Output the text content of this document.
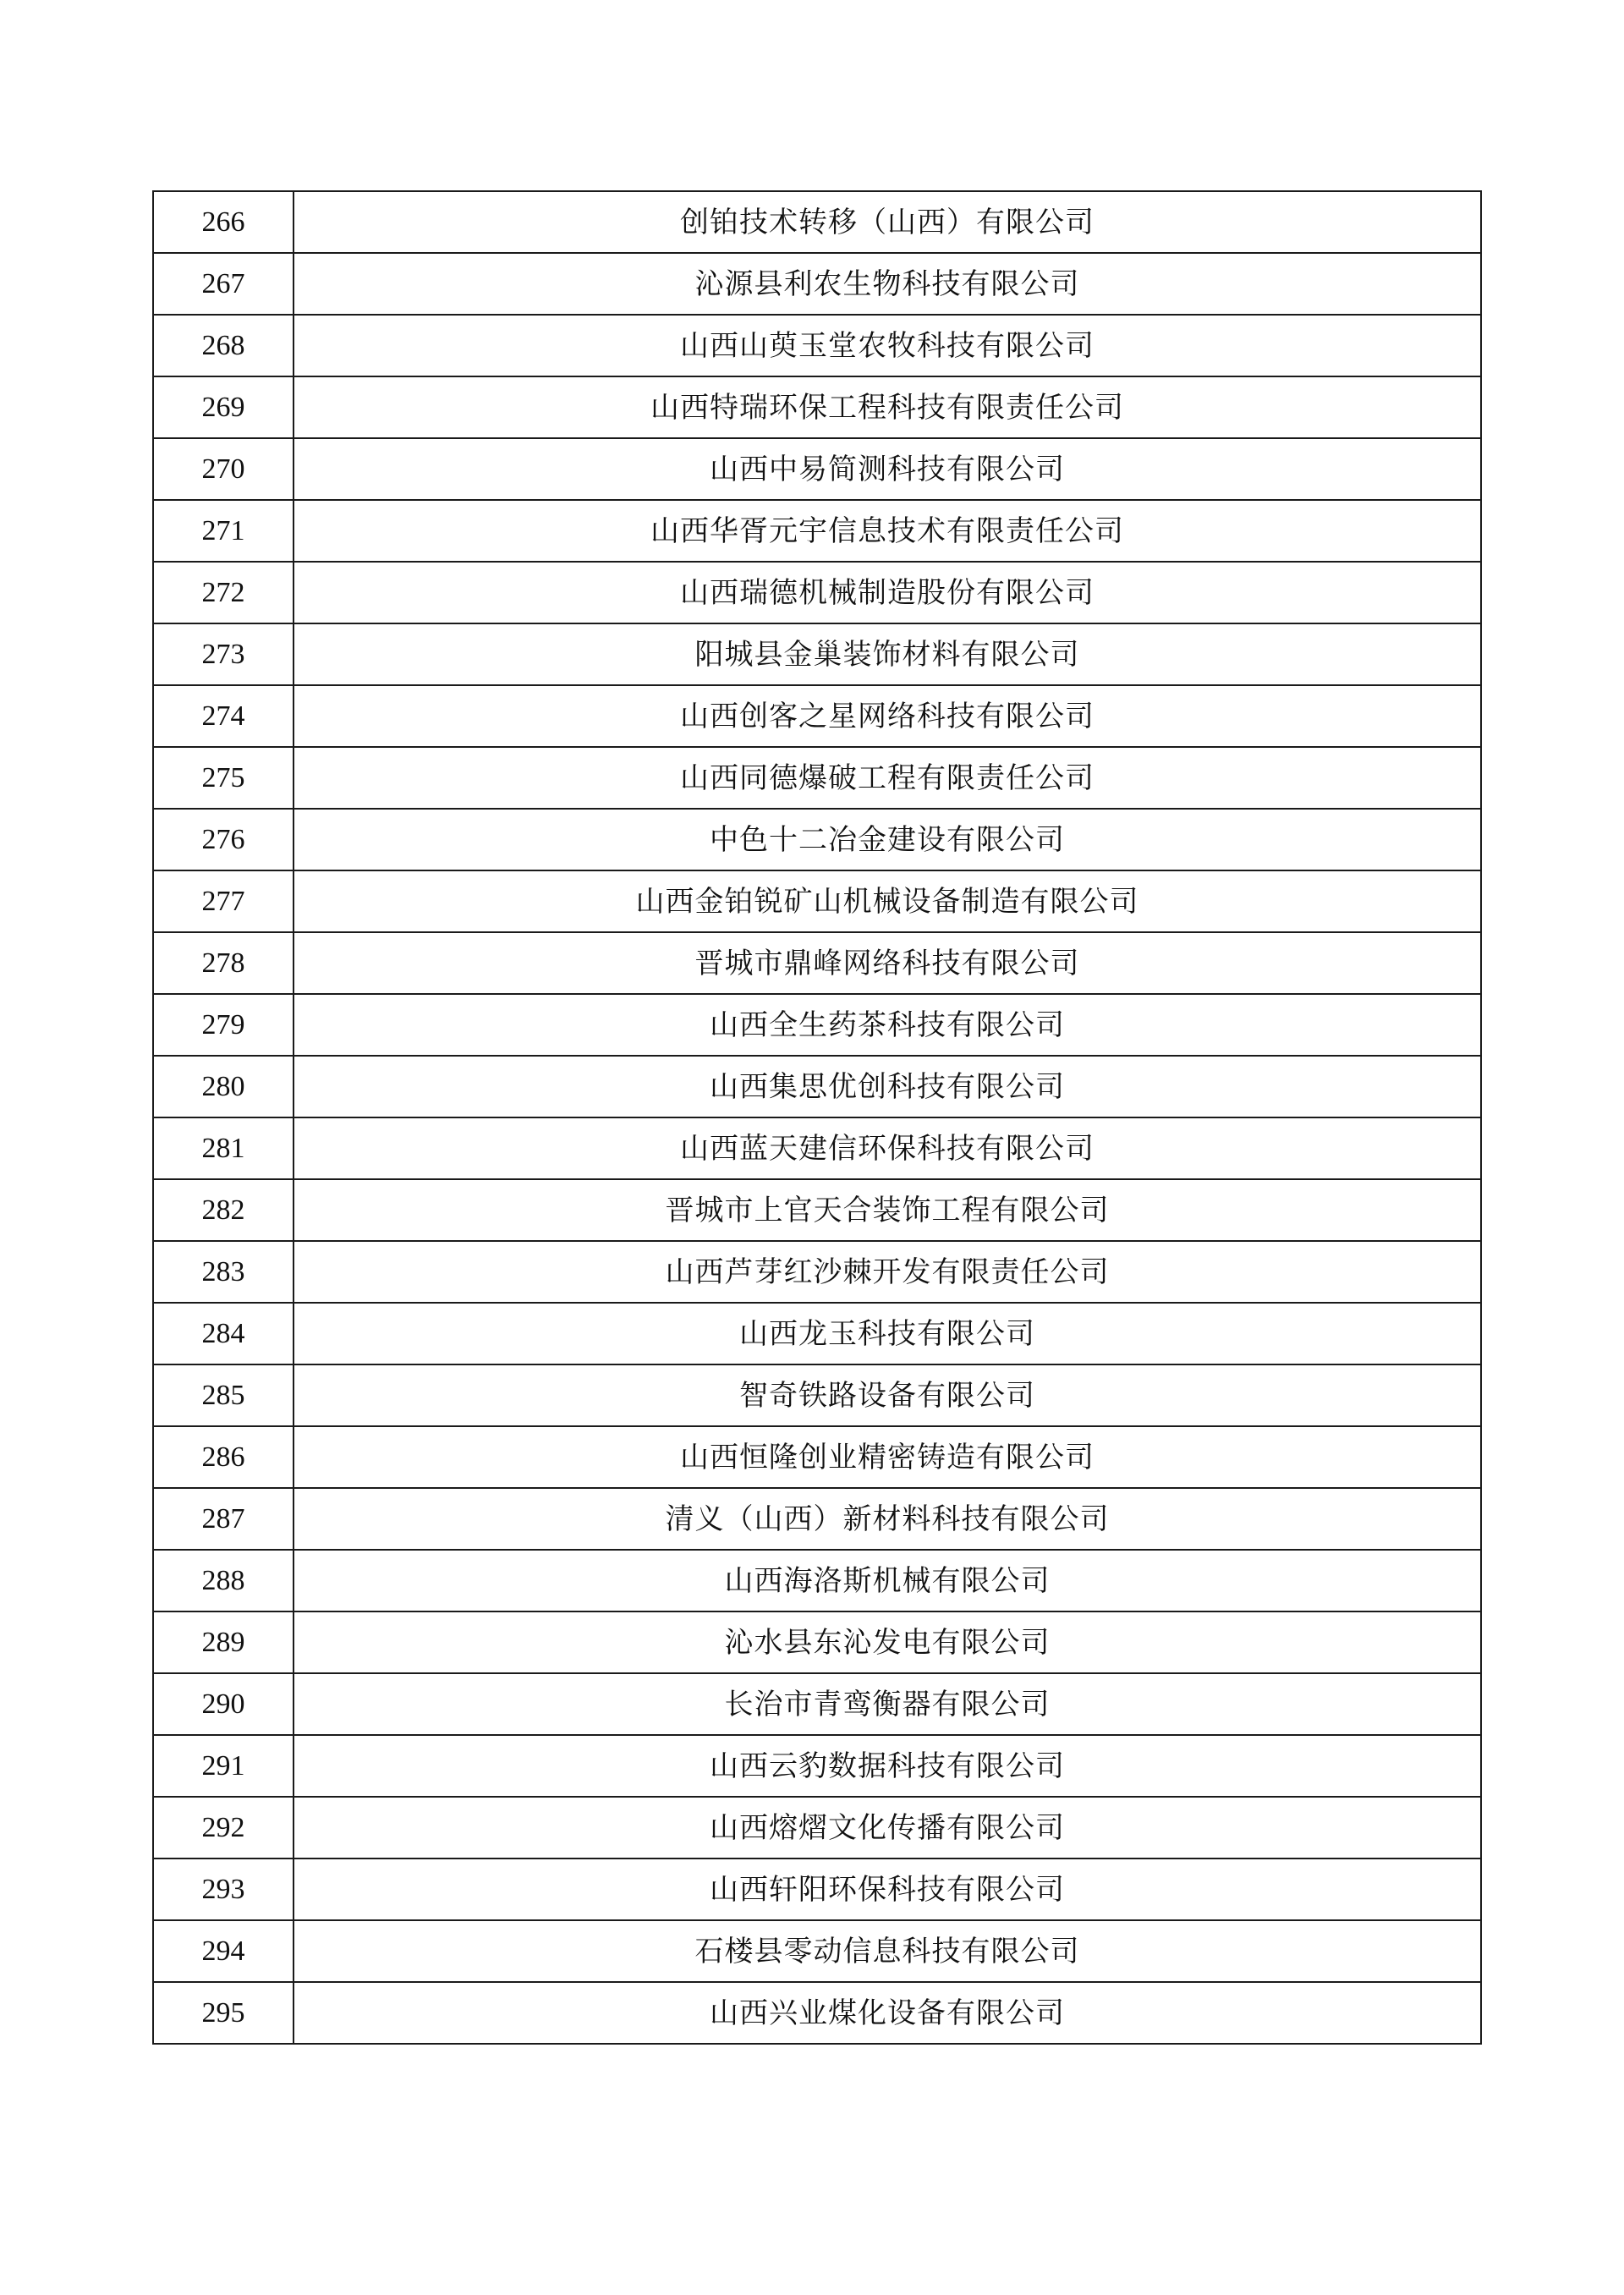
266	创铂技术转移（山西）有限公司
267	沁源县利农生物科技有限公司
268	山西山萸玉堂农牧科技有限公司
269	山西特瑞环保工程科技有限责任公司
270	山西中易简测科技有限公司
271	山西华胥元宇信息技术有限责任公司
272	山西瑞德机械制造股份有限公司
273	阳城县金巢装饰材料有限公司
274	山西创客之星网络科技有限公司
275	山西同德爆破工程有限责任公司
276	中色十二冶金建设有限公司
277	山西金铂锐矿山机械设备制造有限公司
278	晋城市鼎峰网络科技有限公司
279	山西全生药茶科技有限公司
280	山西集思优创科技有限公司
281	山西蓝天建信环保科技有限公司
282	晋城市上官天合装饰工程有限公司
283	山西芦芽红沙棘开发有限责任公司
284	山西龙玉科技有限公司
285	智奇铁路设备有限公司
286	山西恒隆创业精密铸造有限公司
287	清义（山西）新材料科技有限公司
288	山西海洛斯机械有限公司
289	沁水县东沁发电有限公司
290	长治市青鸾衡器有限公司
291	山西云豹数据科技有限公司
292	山西熔熠文化传播有限公司
293	山西轩阳环保科技有限公司
294	石楼县零动信息科技有限公司
295	山西兴业煤化设备有限公司
